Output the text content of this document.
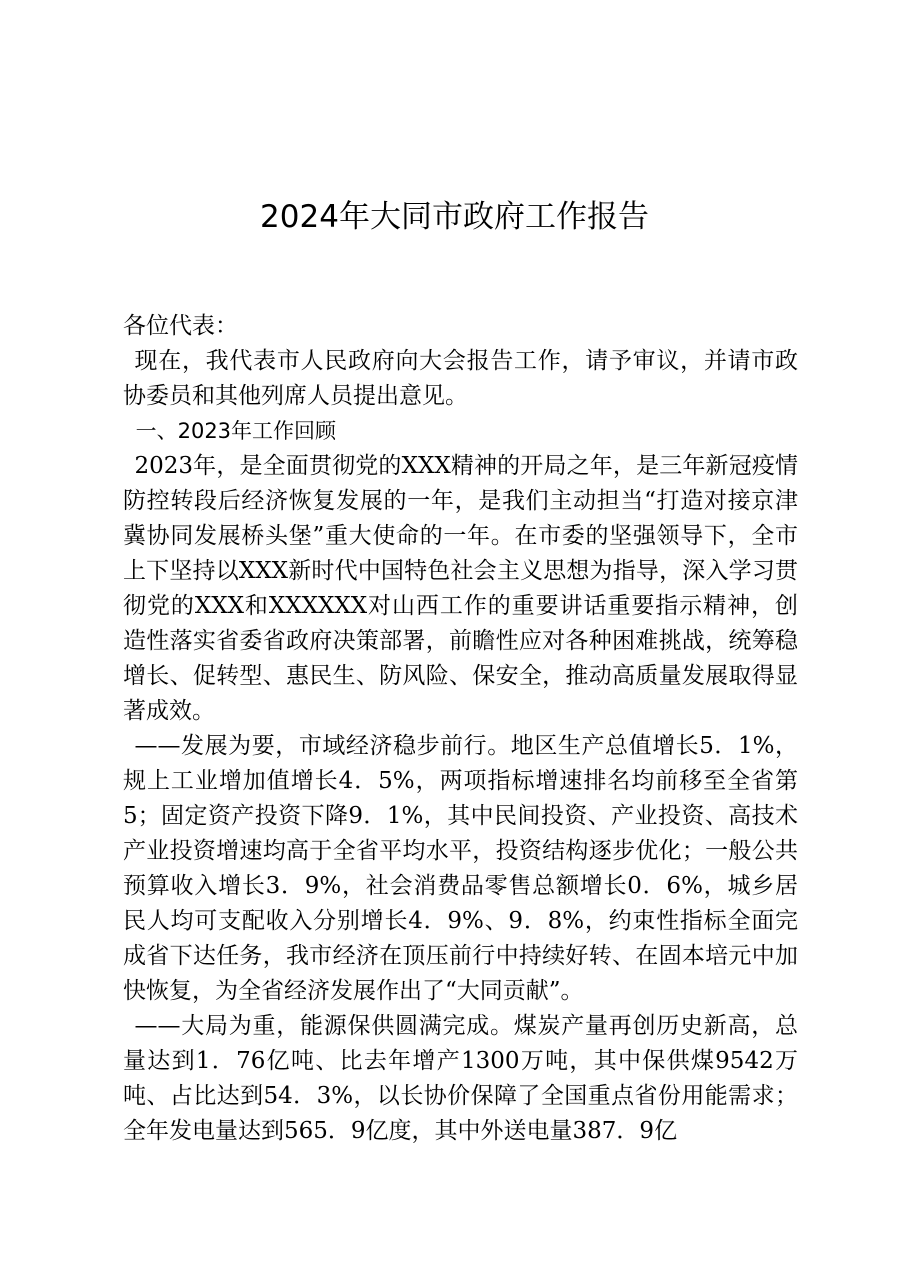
2024年大同市政府工作报告

各位代表：

现在，我代表市人民政府向大会报告工作，请予审议，并请市政协委员和其他列席人员提出意见。

一、2023年工作回顾

2023年，是全面贯彻党的XXX精神的开局之年，是三年新冠疫情防控转段后经济恢复发展的一年，是我们主动担当“打造对接京津冀协同发展桥头堡”重大使命的一年。在市委的坚强领导下，全市上下坚持以XXX新时代中国特色社会主义思想为指导，深入学习贯彻党的XXX和XXXXXX对山西工作的重要讲话重要指示精神，创造性落实省委省政府决策部署，前瞻性应对各种困难挑战，统筹稳增长、促转型、惠民生、防风险、保安全，推动高质量发展取得显著成效。

——发展为要，市域经济稳步前行。地区生产总值增长5．1%，规上工业增加值增长4．5%，两项指标增速排名均前移至全省第5；固定资产投资下降9．1%，其中民间投资、产业投资、高技术产业投资增速均高于全省平均水平，投资结构逐步优化；一般公共预算收入增长3．9%，社会消费品零售总额增长0．6%，城乡居民人均可支配收入分别增长4．9%、9．8%，约束性指标全面完成省下达任务，我市经济在顶压前行中持续好转、在固本培元中加快恢复，为全省经济发展作出了“大同贡献”。

——大局为重，能源保供圆满完成。煤炭产量再创历史新高，总量达到1．76亿吨、比去年增产1300万吨，其中保供煤9542万吨、占比达到54．3%，以长协价保障了全国重点省份用能需求；全年发电量达到565．9亿度，其中外送电量387．9亿
